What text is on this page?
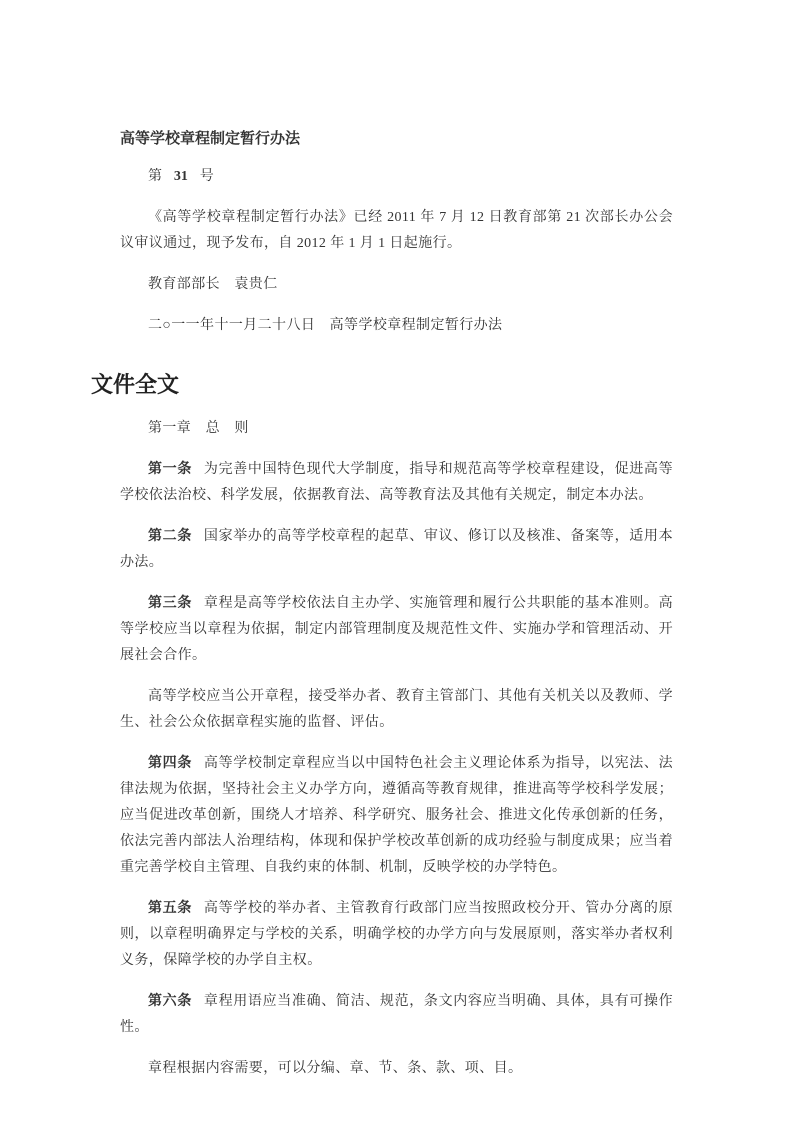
高等学校章程制定暂行办法

第 31 号

《高等学校章程制定暂行办法》已经 2011 年 7 月 12 日教育部第 21 次部长办公会议审议通过，现予发布，自 2012 年 1 月 1 日起施行。

教育部部长　袁贵仁

二○一一年十一月二十八日　高等学校章程制定暂行办法

文件全文

第一章　总　则

第一条 为完善中国特色现代大学制度，指导和规范高等学校章程建设，促进高等学校依法治校、科学发展，依据教育法、高等教育法及其他有关规定，制定本办法。

第二条 国家举办的高等学校章程的起草、审议、修订以及核准、备案等，适用本办法。

第三条 章程是高等学校依法自主办学、实施管理和履行公共职能的基本准则。高等学校应当以章程为依据，制定内部管理制度及规范性文件、实施办学和管理活动、开展社会合作。

高等学校应当公开章程，接受举办者、教育主管部门、其他有关机关以及教师、学生、社会公众依据章程实施的监督、评估。

第四条 高等学校制定章程应当以中国特色社会主义理论体系为指导，以宪法、法律法规为依据，坚持社会主义办学方向，遵循高等教育规律，推进高等学校科学发展；应当促进改革创新，围绕人才培养、科学研究、服务社会、推进文化传承创新的任务，依法完善内部法人治理结构，体现和保护学校改革创新的成功经验与制度成果；应当着重完善学校自主管理、自我约束的体制、机制，反映学校的办学特色。

第五条 高等学校的举办者、主管教育行政部门应当按照政校分开、管办分离的原则，以章程明确界定与学校的关系，明确学校的办学方向与发展原则，落实举办者权利义务，保障学校的办学自主权。

第六条 章程用语应当准确、简洁、规范，条文内容应当明确、具体，具有可操作性。

章程根据内容需要，可以分编、章、节、条、款、项、目。
